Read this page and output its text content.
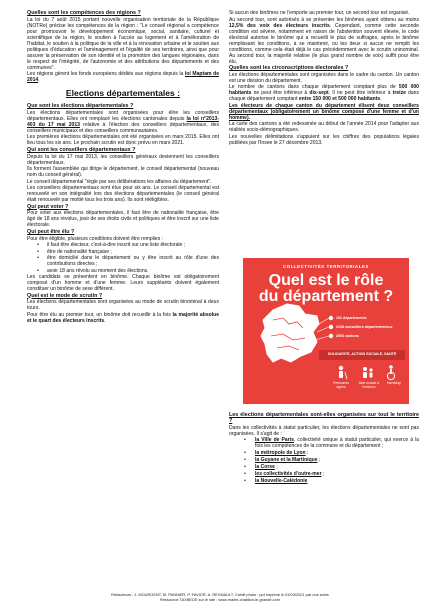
Quelles sont les compétences des régions ?

La loi du 7 août 2015 portant nouvelle organisation territoriale de la République (NOTRe) précise les compétences de la région : "Le conseil régional a compétence pour promouvoir le développement économique, social, sanitaire, culturel et scientifique de la région, le soutien à l'accès au logement et à l'amélioration de l'habitat, le soutien à la politique de la ville et à la rénovation urbaine et le soutien aux politiques d'éducation et l'aménagement et l'égalité de ses territoires, ainsi que pour assurer la préservation de son identité et la promotion des langues régionales, dans le respect de l'intégrité, de l'autonomie et des attributions des départements et des communes".

Les régions gèrent les fonds européens dédiés aux régions depuis la loi Maptam de 2014.

Elections départementales :

Que sont les élections départementales ?

Les élections départementales sont organisées pour élire les conseillers départementaux. Elles ont remplacé les élections cantonales depuis la loi n°2013-403 du 17 mai 2013 relative à l'élection des conseillers départementaux, des conseillers municipaux et des conseillers communautaires.

Les premières élections départementales ont été organisées en mars 2015. Elles ont lieu tous les six ans. Le prochain scrutin est donc prévu en mars 2021.

Qui sont les conseillers départementaux ?

Depuis la loi du 17 mai 2013, les conseillers généraux deviennent les conseillers départementaux.

Ils forment l'assemblée qui dirige le département, le conseil départemental (nouveau nom du conseil général).

Le conseil départemental "règle par ses délibérations les affaires du département".

Les conseillers départementaux sont élus pour six ans. Le conseil départemental est renouvelé en son intégralité lors des élections départementales (le conseil général était renouvelé par moitié tous les trois ans). Ils sont rééligibles.

Qui peut voter ?

Pour voter aux élections départementales, il faut être de nationalité française, être âgé de 18 ans révolus, jouir de ses droits civils et politiques et être inscrit sur une liste électorale.

Qui peut être élu ?

Pour être éligible, plusieurs conditions doivent être remplies :

•
il faut être électeur, c'est-à-dire inscrit sur une liste électorale ;
•
être de nationalité française ;
•
être domicilié dans le département ou y être inscrit au rôle d'une des contributions directes ;
•
avoir 18 ans révolu au moment des élections.

Les candidats se présentent en binôme. Chaque binôme est obligatoirement composé d'un homme et d'une femme. Leurs suppléants doivent également constituer un binôme de sexe différent.

Quel est le mode de scrutin ?

Les élections départementales sont organisées au mode de scrutin binominal à deux tours.

Pour être élu au premier tour, un binôme doit recueillir à la fois la majorité absolue et le quart des électeurs inscrits.

Si aucun des binômes ne l'emporte au premier tour, un second tour est organisé.

Au second tour, sont autorisés à se présenter les binômes ayant obtenu au moins 12,5% des voix des électeurs inscrits. Cependant, comme cette seconde condition est sévère, notamment en raison de l'abstention souvent élevée, le code électoral autorise le binôme qui a recueilli le plus de suffrages, après le binôme remplissant les conditions, à se maintenir, ou les deux si aucun ne remplit les conditions, comme cela était déjà le cas précédemment avec le scrutin uninominal. Au second tour, la majorité relative (le plus grand nombre de voix) suffit pour être élu.

Quelles sont les circonscriptions électorales ?

Les élections départementales sont organisées dans le cadre du canton. Un canton est une division du département.

Le nombre de cantons dans chaque département comptant plus de 500 000 habitants ne peut être inférieur à dix-sept. Il ne peut être inférieur à treize dans chaque département comptant entre 150 000 et 500 000 habitants.

Les électeurs de chaque canton du département élisent deux conseillers départementaux (obligatoirement un binôme composé d'une femme et d'un homme).

La carte des cantons a été redessinée au début de l'année 2014 pour l'adapter aux réalités socio-démographiques.

Les nouvelles délimitations s'appuient sur les chiffres des populations légales publiées par l'Insee le 27 décembre 2013.

COLLECTIVITÉS TERRITORIALES
Quel est le rôle
du département ?
101 départements
4108 conseillers départementaux
2054 cantons
SOLIDARITÉ, ACTION SOCIALE, SANTÉ
Personnes âgées
Aide sociale à l'enfance
Handicap

Les élections départementales sont-elles organisées sur tout le territoire ?

Dans les collectivités à statut particulier, les élections départementales ne sont pas organisées. Il s'agit de :

•
la Ville de Paris, collectivité unique à statut particulier, qui exerce à la fois les compétences de la commune et du département ;
•
la métropole de Lyon ;
•
la Guyane et la Martinique ;
•
la Corse ;
•
les collectivités d'outre-mer ;
•
la Nouvelle-Calédonie
Rédacteurs : J. MOURGENT, M. PANNIER, P. FAVIOR, A. REGNAULT. Crédit photo : ppt Imprimé le 01/03/2021 par nos soins
Ressource TAXBEDE sur le site : www.mairie-chatillon-le-grande.com
